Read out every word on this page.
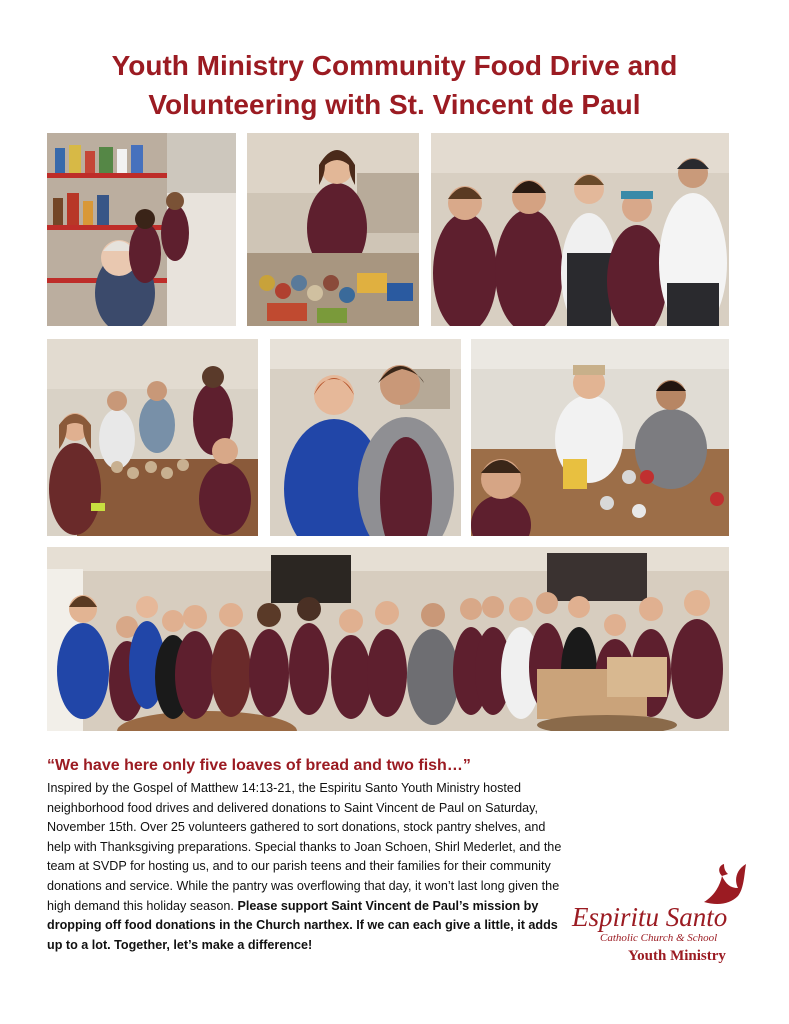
Youth Ministry Community Food Drive and
Volunteering with St. Vincent de Paul
“We have here only five loaves of bread and two fish…”
Inspired by the Gospel of Matthew 14:13-21, the Espiritu Santo Youth Ministry hosted neighborhood food drives and delivered donations to Saint Vincent de Paul on Saturday, November 15th. Over 25 volunteers gathered to sort donations, stock pantry shelves, and help with Thanksgiving preparations. Special thanks to Joan Schoen, Shirl Mederlet, and the team at SVDP for hosting us, and to our parish teens and their families for their community donations and service. While the pantry was overflowing that day, it won’t last long given the high demand this holiday season. Please support Saint Vincent de Paul’s mission by dropping off food donations in the Church narthex. If we can each give a little, it adds up to a lot. Together, let’s make a difference!
Espiritu Santo
Catholic Church & School
Youth Ministry
